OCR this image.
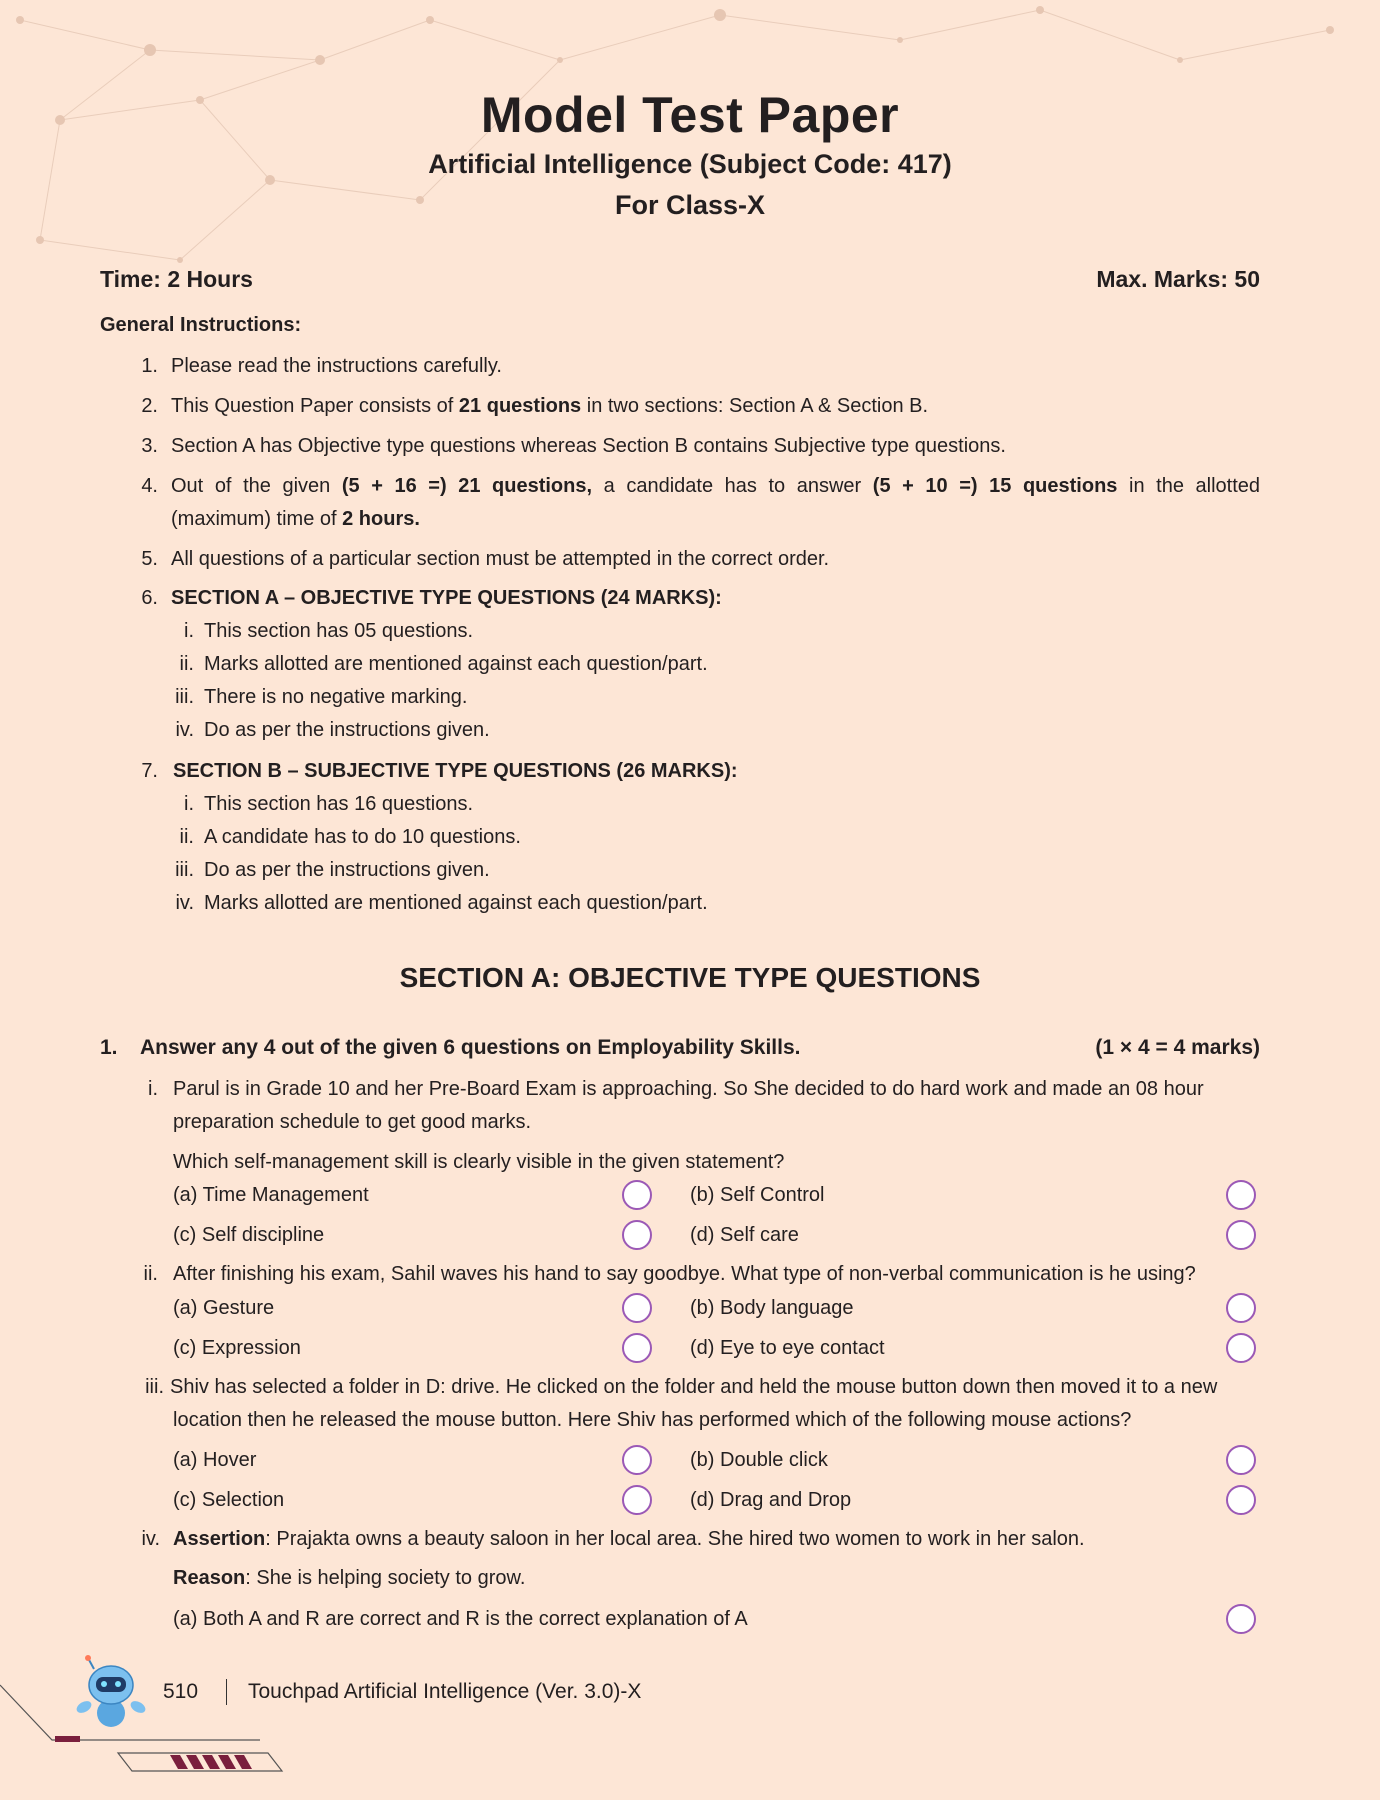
Model Test Paper
Artificial Intelligence (Subject Code: 417)
For Class-X
Time: 2 Hours	Max. Marks: 50
General Instructions:
1. Please read the instructions carefully.
2. This Question Paper consists of 21 questions in two sections: Section A & Section B.
3. Section A has Objective type questions whereas Section B contains Subjective type questions.
4. Out of the given (5 + 16 =) 21 questions, a candidate has to answer (5 + 10 =) 15 questions in the allotted
(maximum) time of 2 hours.
5. All questions of a particular section must be attempted in the correct order.
6. SECTION A – OBJECTIVE TYPE QUESTIONS (24 MARKS):
i. This section has 05 questions.
ii. Marks allotted are mentioned against each question/part.
iii. There is no negative marking.
iv. Do as per the instructions given.
7. SECTION B – SUBJECTIVE TYPE QUESTIONS (26 MARKS):
i. This section has 16 questions.
ii. A candidate has to do 10 questions.
iii. Do as per the instructions given.
iv. Marks allotted are mentioned against each question/part.
SECTION A: OBJECTIVE TYPE QUESTIONS
1. Answer any 4 out of the given 6 questions on Employability Skills.	(1 × 4 = 4 marks)
i. Parul is in Grade 10 and her Pre-Board Exam is approaching. So She decided to do hard work and made an 08 hour
preparation schedule to get good marks.
Which self-management skill is clearly visible in the given statement?
(a) Time Management	(b) Self Control
(c) Self discipline	(d) Self care
ii. After finishing his exam, Sahil waves his hand to say goodbye. What type of non-verbal communication is he using?
(a) Gesture	(b) Body language
(c) Expression	(d) Eye to eye contact
iii. Shiv has selected a folder in D: drive. He clicked on the folder and held the mouse button down then moved it to a new
location then he released the mouse button. Here Shiv has performed which of the following mouse actions?
(a) Hover	(b) Double click
(c) Selection	(d) Drag and Drop
iv. Assertion: Prajakta owns a beauty saloon in her local area. She hired two women to work in her salon.
Reason: She is helping society to grow.
(a) Both A and R are correct and R is the correct explanation of A
510 Touchpad Artificial Intelligence (Ver. 3.0)-X
